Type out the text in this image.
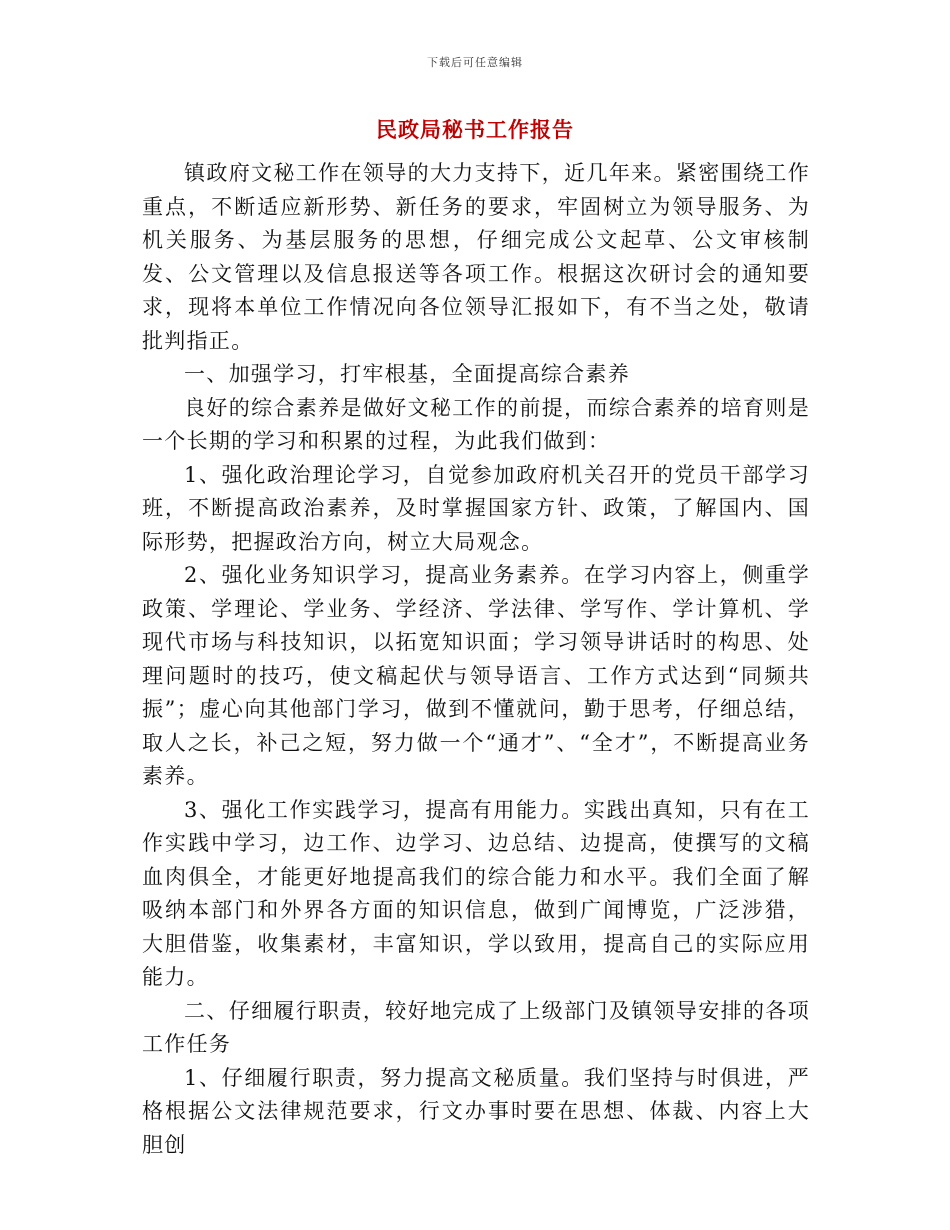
下载后可任意编辑
民政局秘书工作报告

镇政府文秘工作在领导的大力支持下，近几年来。紧密围绕工作重点，不断适应新形势、新任务的要求，牢固树立为领导服务、为机关服务、为基层服务的思想，仔细完成公文起草、公文审核制发、公文管理以及信息报送等各项工作。根据这次研讨会的通知要求，现将本单位工作情况向各位领导汇报如下，有不当之处，敬请批判指正。

一、加强学习，打牢根基，全面提高综合素养

良好的综合素养是做好文秘工作的前提，而综合素养的培育则是一个长期的学习和积累的过程，为此我们做到：

1、强化政治理论学习，自觉参加政府机关召开的党员干部学习班，不断提高政治素养，及时掌握国家方针、政策，了解国内、国际形势，把握政治方向，树立大局观念。

2、强化业务知识学习，提高业务素养。在学习内容上，侧重学政策、学理论、学业务、学经济、学法律、学写作、学计算机、学现代市场与科技知识，以拓宽知识面；学习领导讲话时的构思、处理问题时的技巧，使文稿起伏与领导语言、工作方式达到“同频共振”；虚心向其他部门学习，做到不懂就问，勤于思考，仔细总结，取人之长，补己之短，努力做一个“通才”、“全才”，不断提高业务素养。

3、强化工作实践学习，提高有用能力。实践出真知，只有在工作实践中学习，边工作、边学习、边总结、边提高，使撰写的文稿血肉俱全，才能更好地提高我们的综合能力和水平。我们全面了解吸纳本部门和外界各方面的知识信息，做到广闻博览，广泛涉猎，大胆借鉴，收集素材，丰富知识，学以致用，提高自己的实际应用能力。

二、仔细履行职责，较好地完成了上级部门及镇领导安排的各项工作任务

1、仔细履行职责，努力提高文秘质量。我们坚持与时俱进，严格根据公文法律规范要求，行文办事时要在思想、体裁、内容上大胆创
